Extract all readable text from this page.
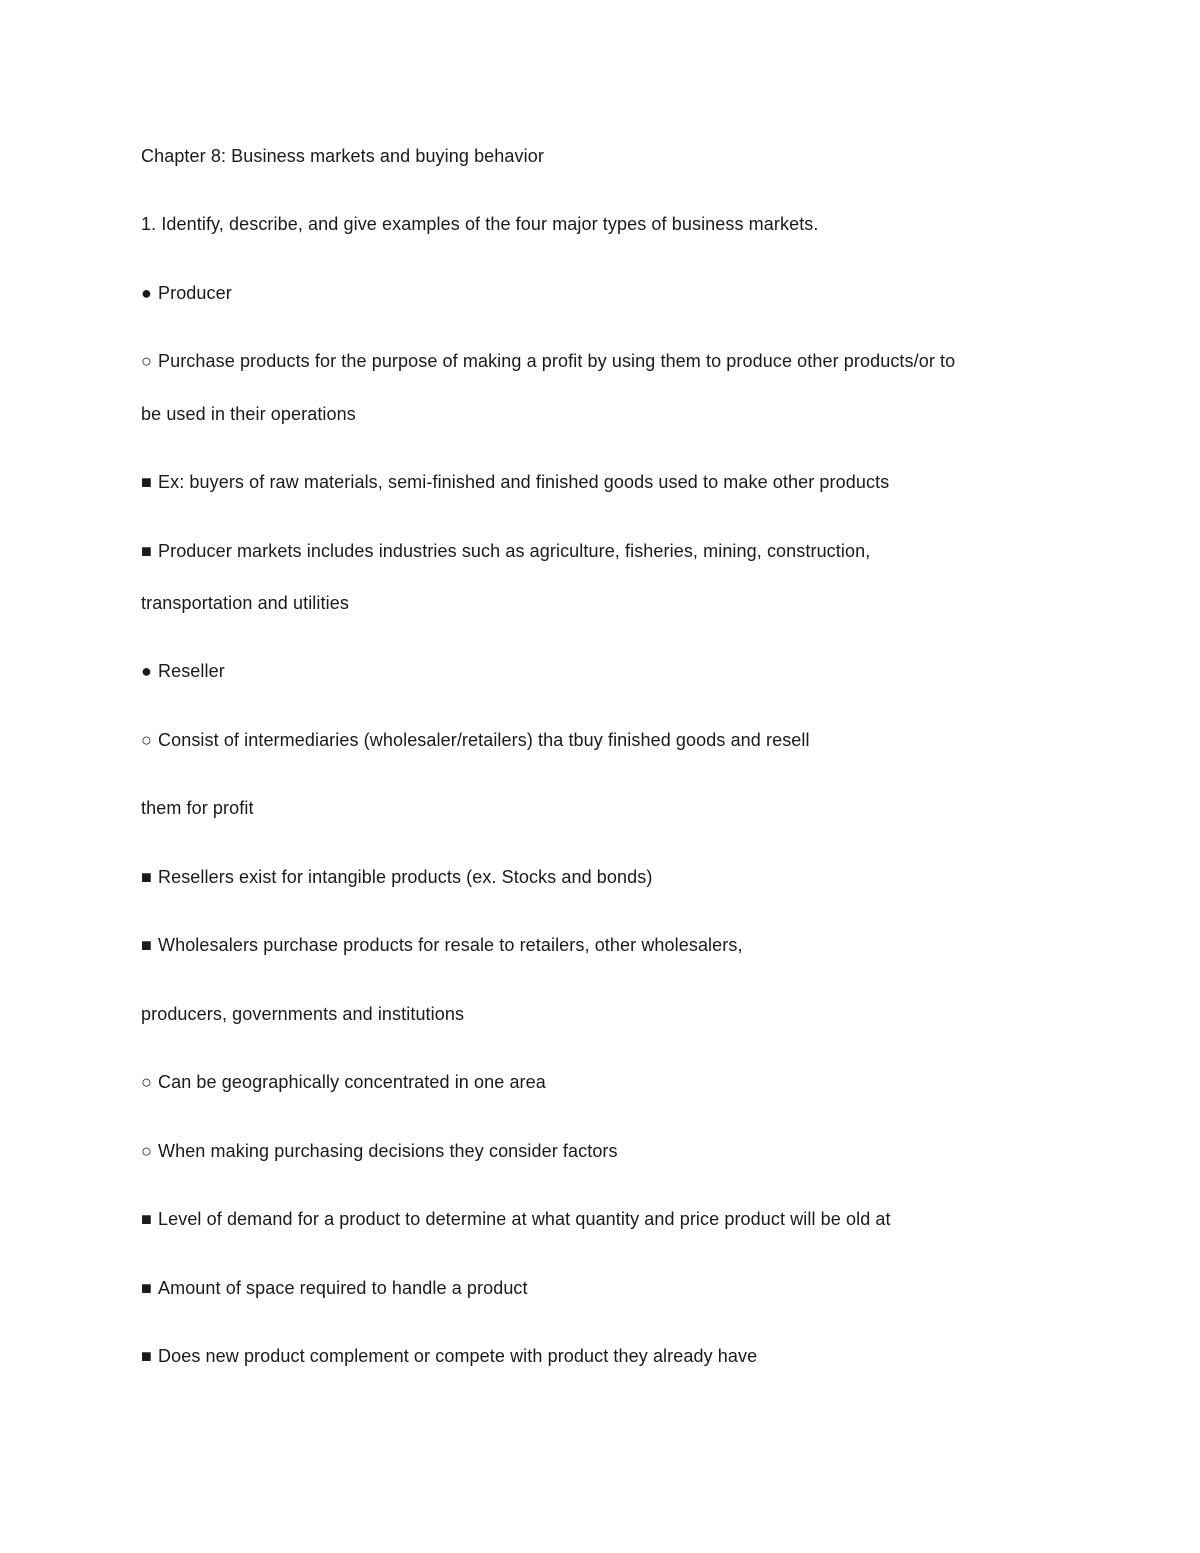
Chapter 8: Business markets and buying behavior
1. Identify, describe, and give examples of the four major types of business markets.
● Producer
○ Purchase products for the purpose of making a profit by using them to produce other products/or to
be used in their operations
■ Ex: buyers of raw materials, semi-finished and finished goods used to make other products
■ Producer markets includes industries such as agriculture, fisheries, mining, construction,
transportation and utilities
● Reseller
○ Consist of intermediaries (wholesaler/retailers) tha tbuy finished goods and resell
them for profit
■ Resellers exist for intangible products (ex. Stocks and bonds)
■ Wholesalers purchase products for resale to retailers, other wholesalers,
producers, governments and institutions
○ Can be geographically concentrated in one area
○ When making purchasing decisions they consider factors
■ Level of demand for a product to determine at what quantity and price product will be old at
■ Amount of space required to handle a product
■ Does new product complement or compete with product they already have
